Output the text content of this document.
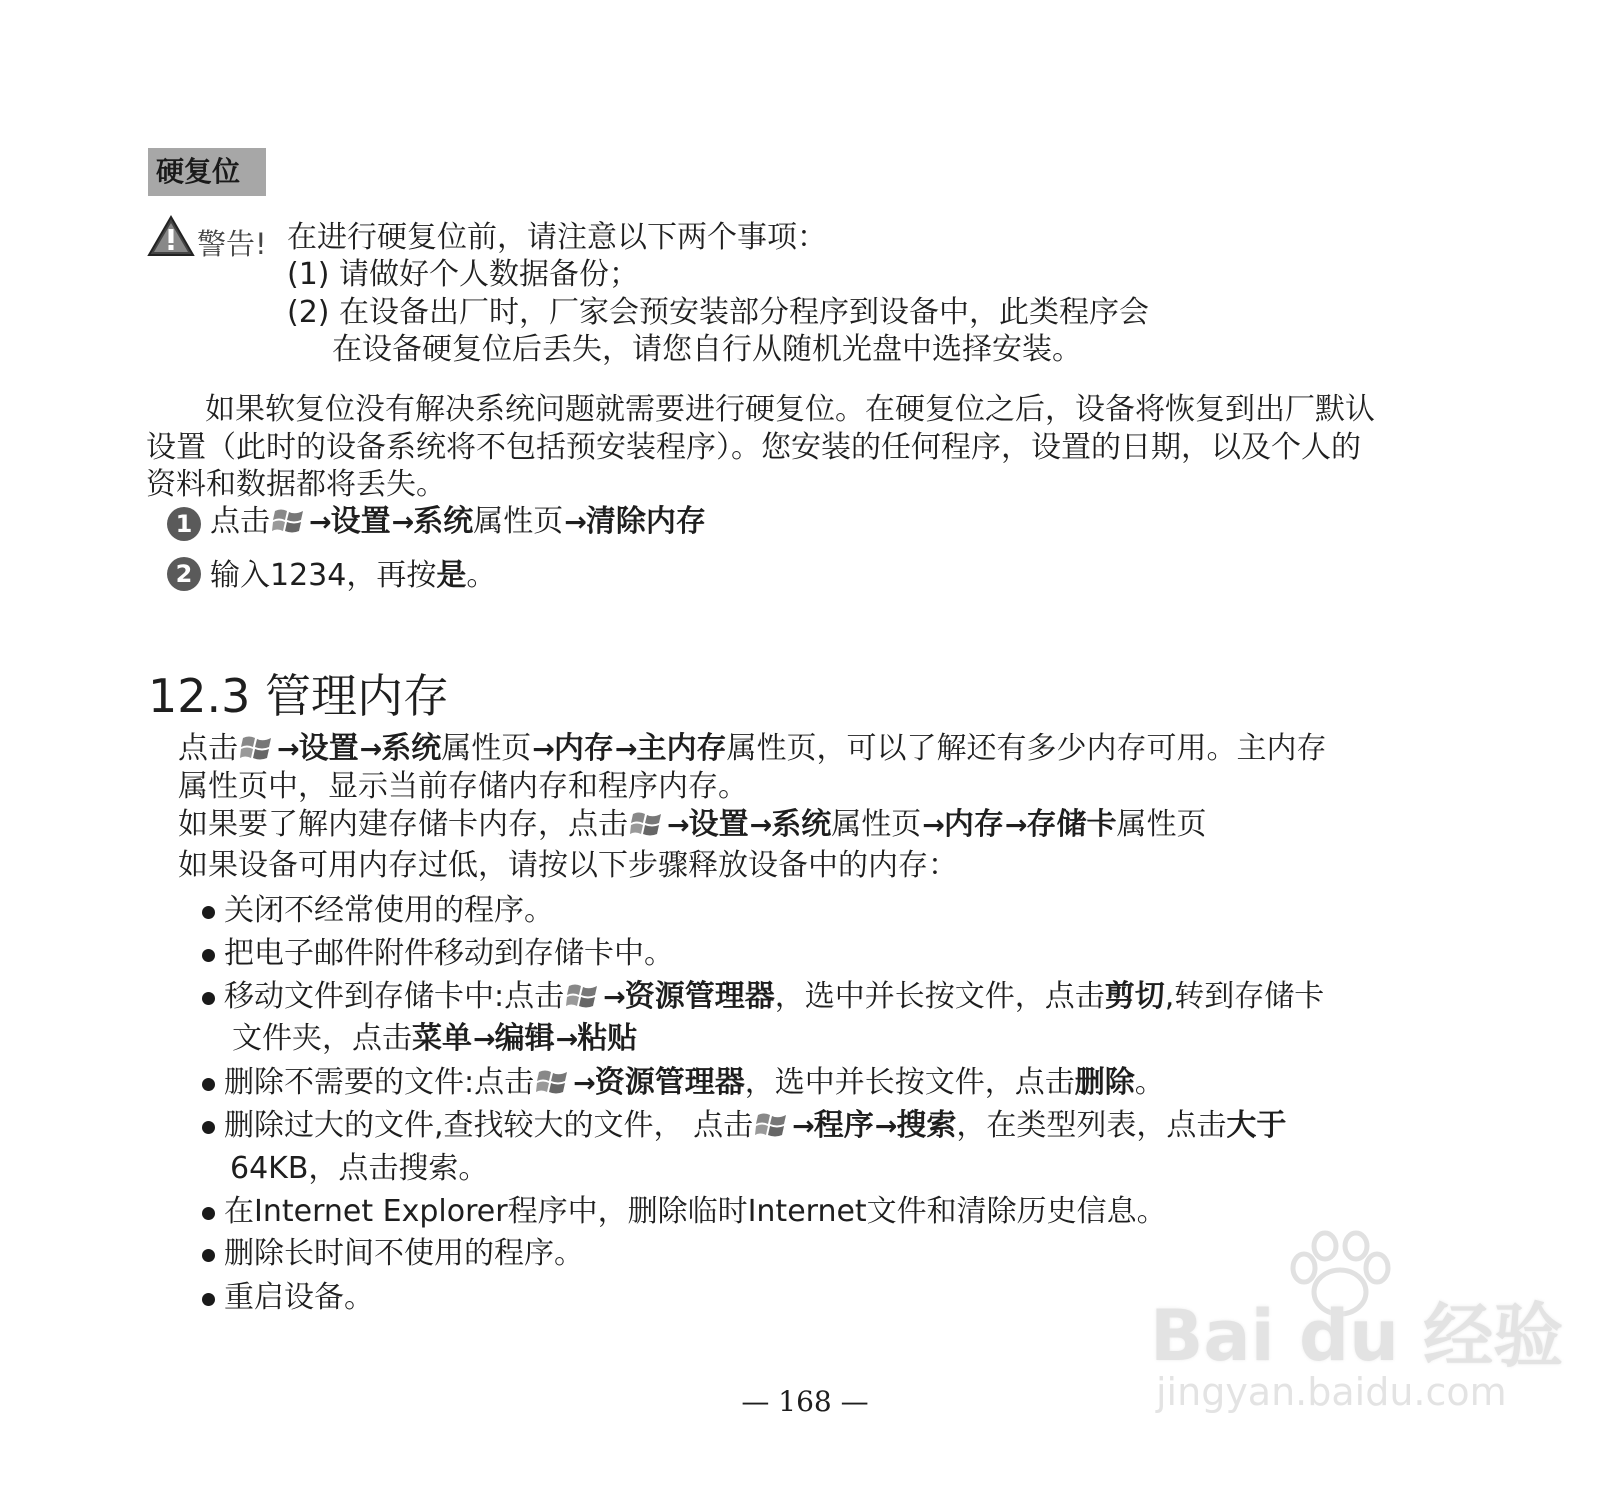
硬复位
警告! 在进行硬复位前，请注意以下两个事项：
(1) 请做好个人数据备份；
(2) 在设备出厂时，厂家会预安装部分程序到设备中，此类程序会
在设备硬复位后丢失，请您自行从随机光盘中选择安装。
如果软复位没有解决系统问题就需要进行硬复位。在硬复位之后，设备将恢复到出厂默认
设置（此时的设备系统将不包括预安装程序）。您安装的任何程序，设置的日期，以及个人的
资料和数据都将丢失。
1 点击 →设置→系统属性页→清除内存
2 输入1234，再按是。
12.3 管理内存
点击 →设置→系统属性页→内存→主内存属性页，可以了解还有多少内存可用。主内存
属性页中，显示当前存储内存和程序内存。
如果要了解内建存储卡内存，点击 →设置→系统属性页→内存→存储卡属性页
如果设备可用内存过低，请按以下步骤释放设备中的内存：
关闭不经常使用的程序。
把电子邮件附件移动到存储卡中。
移动文件到存储卡中:点击 →资源管理器，选中并长按文件，点击剪切,转到存储卡
文件夹，点击菜单→编辑→粘贴
删除不需要的文件:点击 →资源管理器，选中并长按文件，点击删除。
删除过大的文件,查找较大的文件， 点击 →程序→搜索，在类型列表，点击大于
64KB，点击搜索。
在Internet Explorer程序中，删除临时Internet文件和清除历史信息。
删除长时间不使用的程序。
重启设备。
— 168 —
Bai du 经验
jingyan.baidu.com
